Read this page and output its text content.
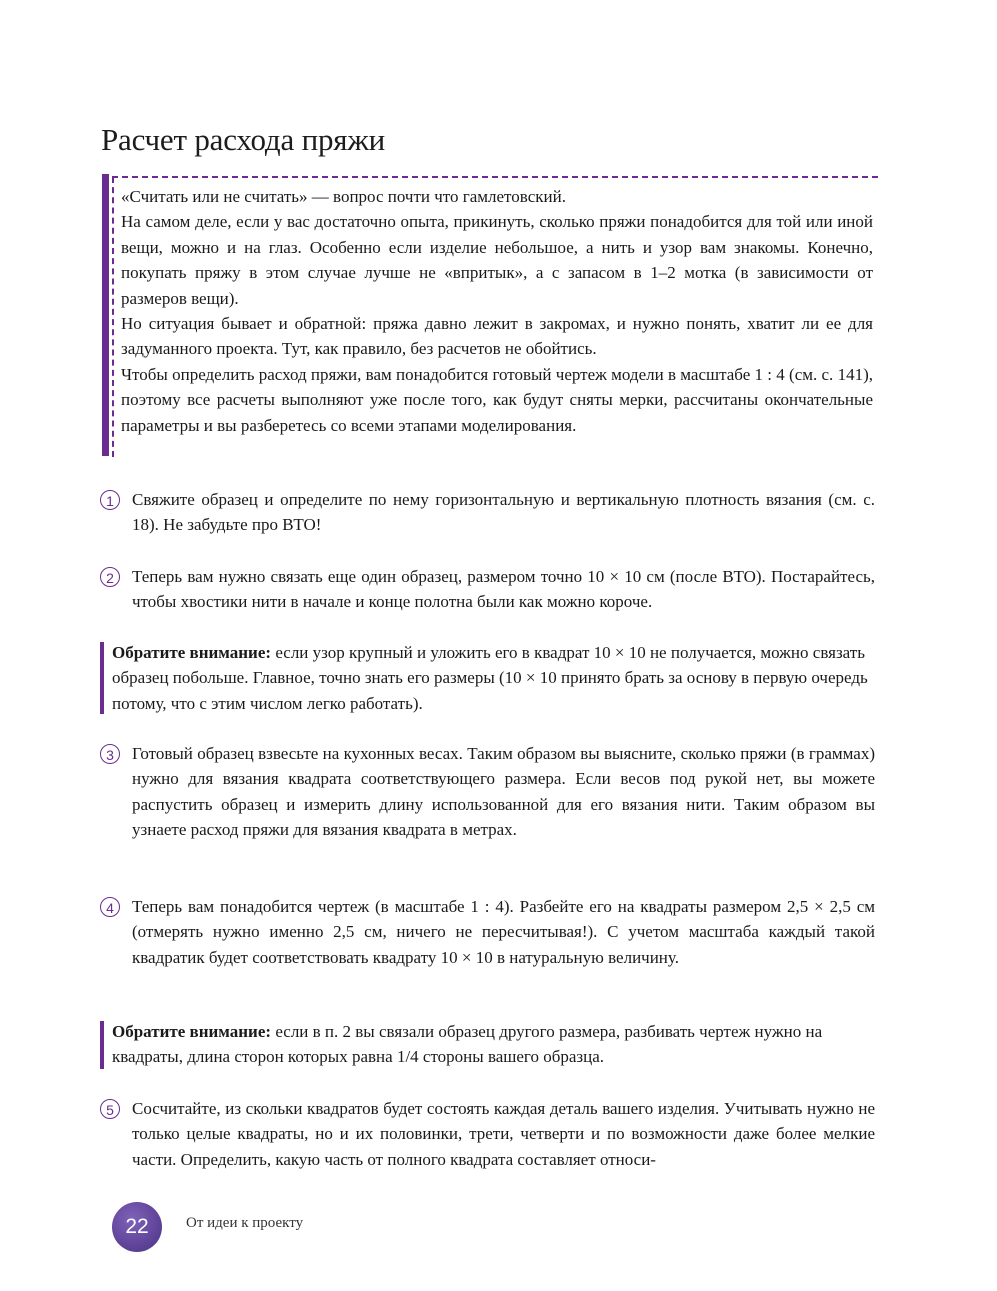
Расчет расхода пряжи

«Считать или не считать» — вопрос почти что гамлетовский.

На самом деле, если у вас достаточно опыта, прикинуть, сколько пряжи понадобится для той или иной вещи, можно и на глаз. Особенно если изделие небольшое, а нить и узор вам знакомы. Конечно, покупать пряжу в этом случае лучше не «впритык», а с запасом в 1–2 мотка (в зависимости от размеров вещи).

Но ситуация бывает и обратной: пряжа давно лежит в закромах, и нужно понять, хватит ли ее для задуманного проекта. Тут, как правило, без расчетов не обойтись.

Чтобы определить расход пряжи, вам понадобится готовый чертеж модели в масштабе 1 : 4 (см. с. 141), поэтому все расчеты выполняют уже после того, как будут сняты мерки, рассчитаны окончательные параметры и вы разберетесь со всеми этапами моделирования.

1	Свяжите образец и определите по нему горизонтальную и вертикальную плотность вязания (см. с. 18). Не забудьте про ВТО!
2	Теперь вам нужно связать еще один образец, размером точно 10 × 10 см (после ВТО). Постарайтесь, чтобы хвостики нити в начале и конце полотна были как можно короче.
Обратите внимание: если узор крупный и уложить его в квадрат 10 × 10 не получается, можно связать образец побольше. Главное, точно знать его размеры (10 × 10 принято брать за основу в первую очередь потому, что с этим числом легко работать).
3	Готовый образец взвесьте на кухонных весах. Таким образом вы выясните, сколько пряжи (в граммах) нужно для вязания квадрата соответствующего размера. Если весов под рукой нет, вы можете распустить образец и измерить длину использованной для его вязания нити. Таким образом вы узнаете расход пряжи для вязания квадрата в метрах.
4	Теперь вам понадобится чертеж (в масштабе 1 : 4). Разбейте его на квадраты размером 2,5 × 2,5 см (отмерять нужно именно 2,5 см, ничего не пересчитывая!). С учетом масштаба каждый такой квадратик будет соответствовать квадрату 10 × 10 в натуральную величину.
Обратите внимание: если в п. 2 вы связали образец другого размера, разбивать чертеж нужно на квадраты, длина сторон которых равна 1/4 стороны вашего образца.
5	Сосчитайте, из скольки квадратов будет состоять каждая деталь вашего изделия. Учитывать нужно не только целые квадраты, но и их половинки, трети, четверти и по возможности даже более мелкие части. Определить, какую часть от полного квадрата составляет относи-
22	От идеи к проекту
